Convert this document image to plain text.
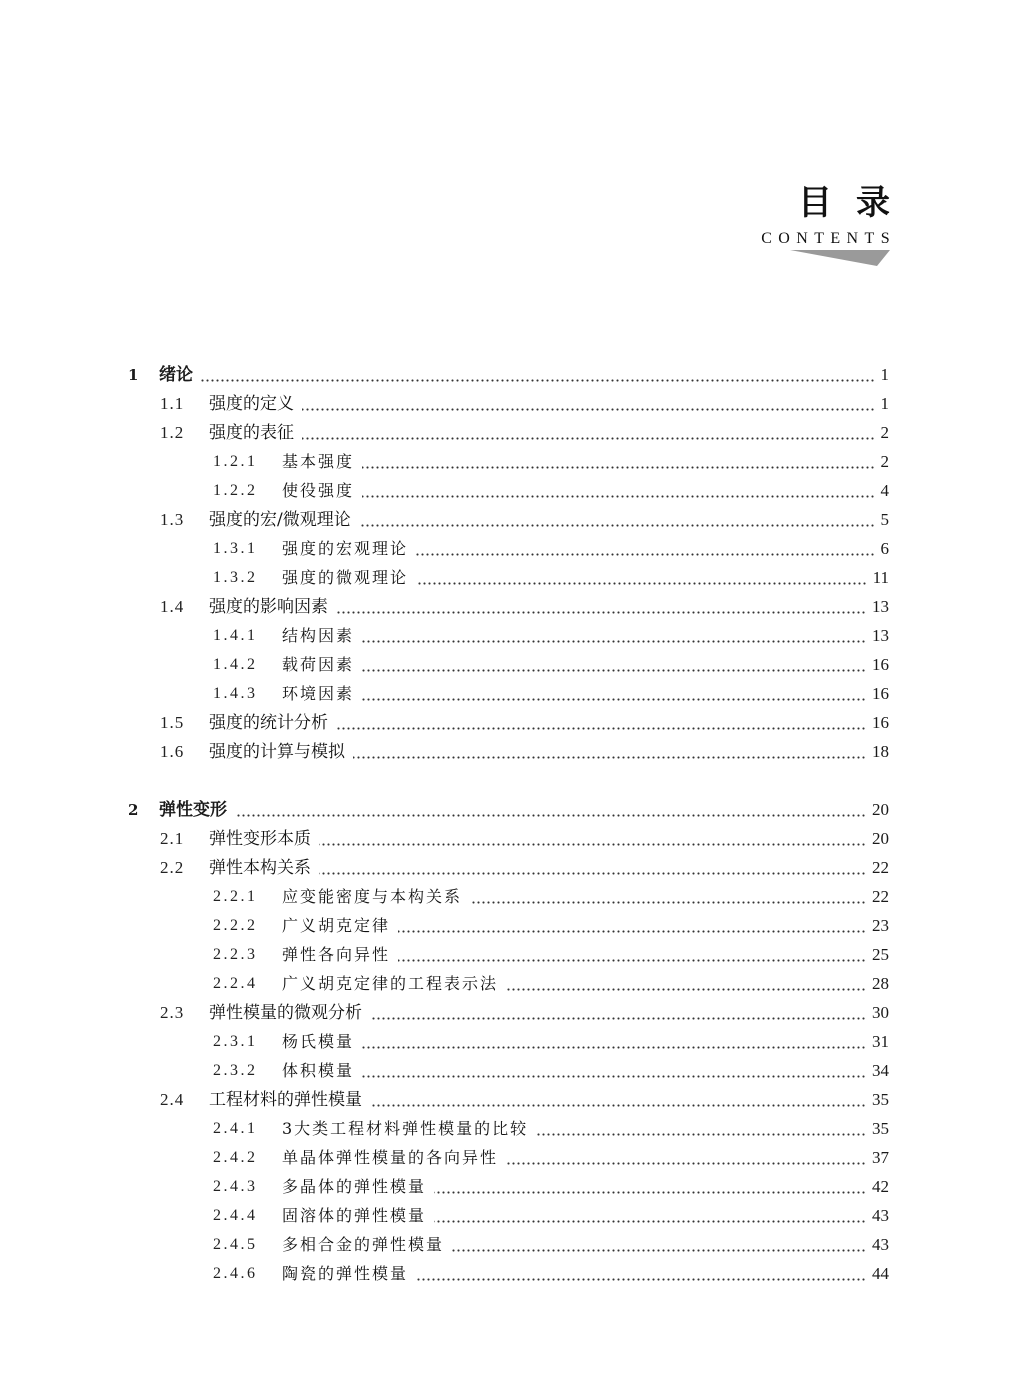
目录
CONTENTS
1 绪论	1
1.1 强度的定义	1
1.2 强度的表征	2
1.2.1 基本强度	2
1.2.2 使役强度	4
1.3 强度的宏/微观理论	5
1.3.1 强度的宏观理论	6
1.3.2 强度的微观理论	11
1.4 强度的影响因素	13
1.4.1 结构因素	13
1.4.2 载荷因素	16
1.4.3 环境因素	16
1.5 强度的统计分析	16
1.6 强度的计算与模拟	18
2 弹性变形	20
2.1 弹性变形本质	20
2.2 弹性本构关系	22
2.2.1 应变能密度与本构关系	22
2.2.2 广义胡克定律	23
2.2.3 弹性各向异性	25
2.2.4 广义胡克定律的工程表示法	28
2.3 弹性模量的微观分析	30
2.3.1 杨氏模量	31
2.3.2 体积模量	34
2.4 工程材料的弹性模量	35
2.4.1 3大类工程材料弹性模量的比较	35
2.4.2 单晶体弹性模量的各向异性	37
2.4.3 多晶体的弹性模量	42
2.4.4 固溶体的弹性模量	43
2.4.5 多相合金的弹性模量	43
2.4.6 陶瓷的弹性模量	44
